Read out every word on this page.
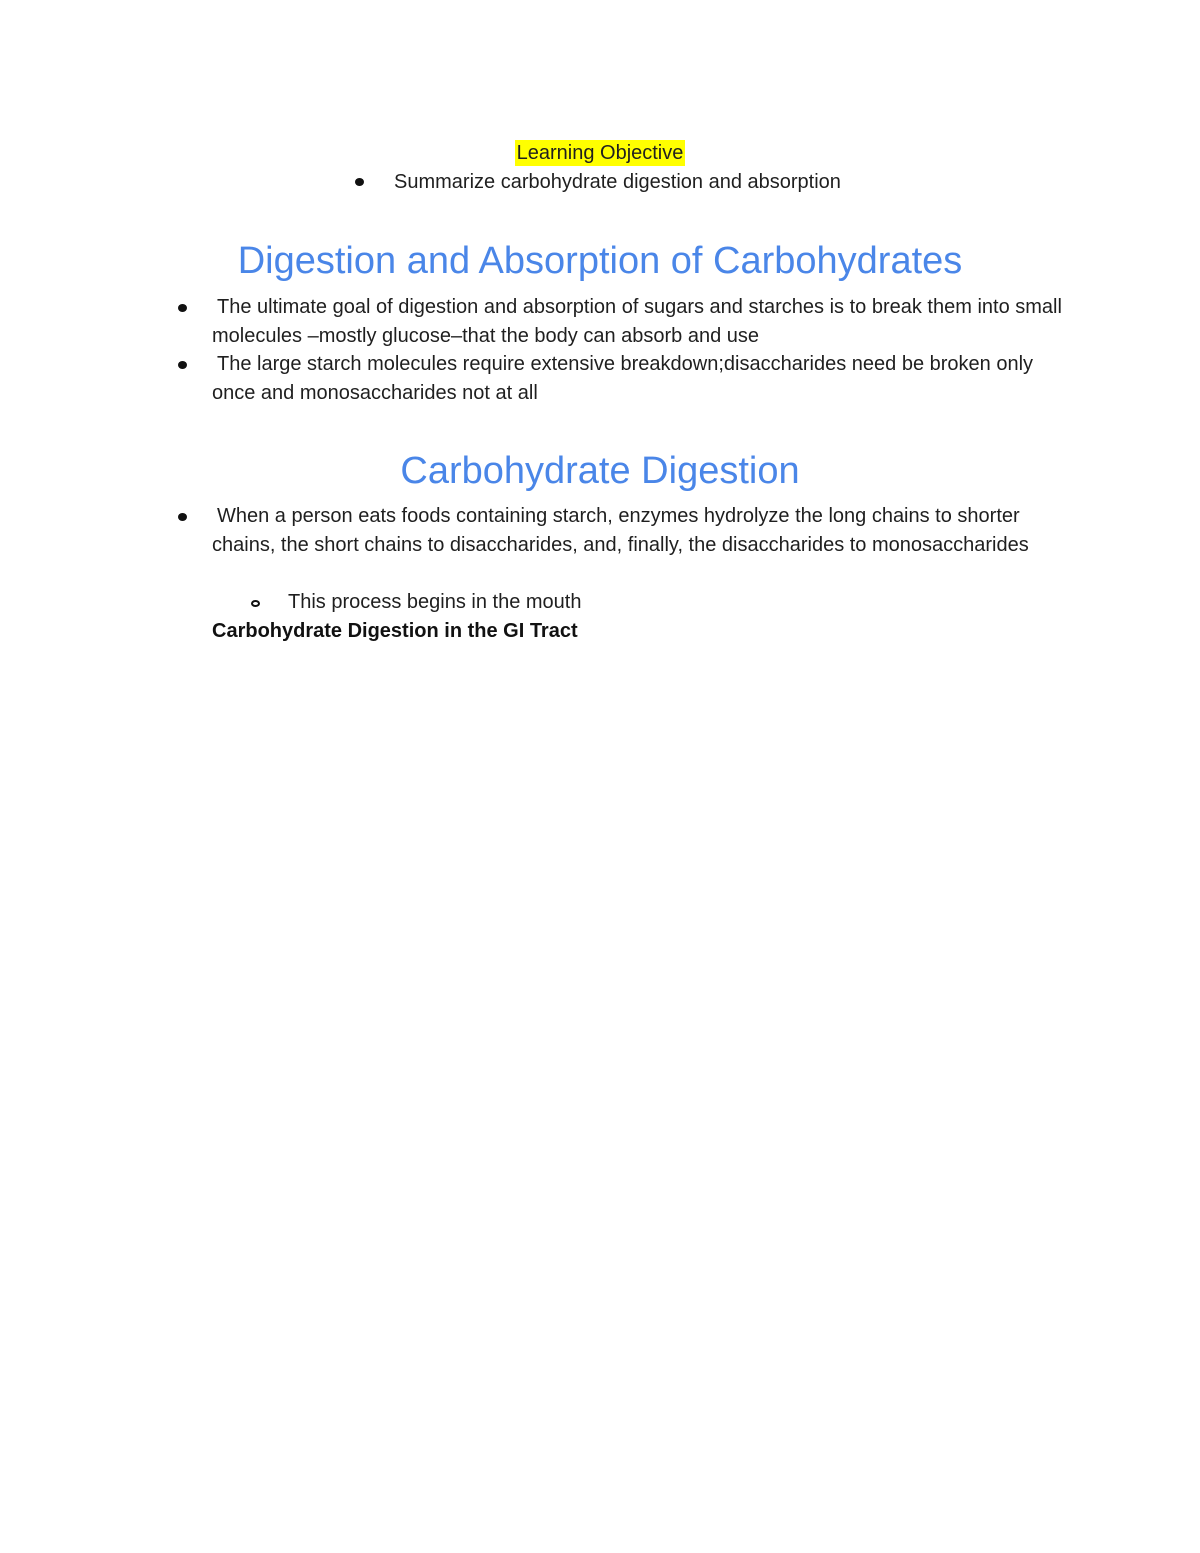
Learning Objective
Summarize carbohydrate digestion and absorption
Digestion and Absorption of Carbohydrates

The ultimate goal of digestion and absorption of sugars and starches is to break them into small molecules –mostly glucose–that the body can absorb and use

The large starch molecules require extensive breakdown;disaccharides need be broken only once and monosaccharides not at all

Carbohydrate Digestion

When a person eats foods containing starch, enzymes hydrolyze the long chains to shorter chains, the short chains to disaccharides, and, finally, the disaccharides to monosaccharides

This process begins in the mouth
Carbohydrate Digestion in the GI Tract
